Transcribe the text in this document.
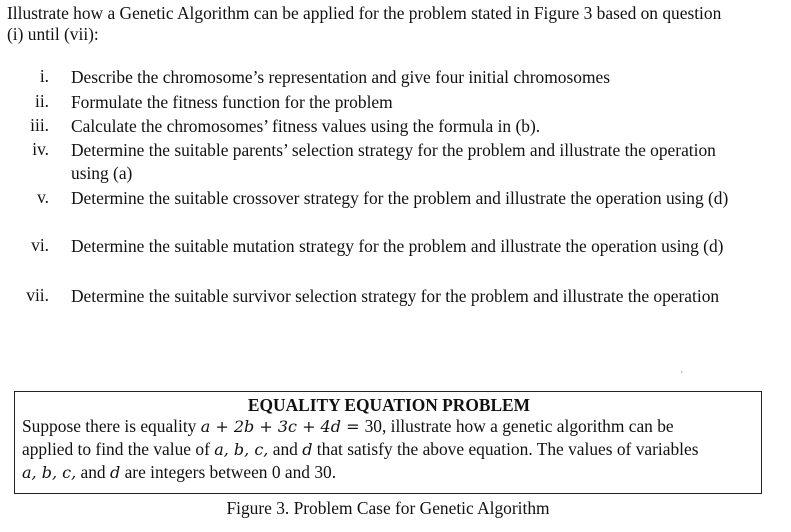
Illustrate how a Genetic Algorithm can be applied for the problem stated in Figure 3 based on question
(i) until (vii):
i. Describe the chromosome’s representation and give four initial chromosomes
ii. Formulate the fitness function for the problem
iii. Calculate the chromosomes’ fitness values using the formula in (b).
iv. Determine the suitable parents’ selection strategy for the problem and illustrate the operation
using (a)
v. Determine the suitable crossover strategy for the problem and illustrate the operation using (d)
vi. Determine the suitable mutation strategy for the problem and illustrate the operation using (d)
vii. Determine the suitable survivor selection strategy for the problem and illustrate the operation
‚
EQUALITY EQUATION PROBLEM
Suppose there is equality a + 2b + 3c + 4d = 30, illustrate how a genetic algorithm can be
applied to find the value of a, b, c, and d that satisfy the above equation. The values of variables
a, b, c, and d are integers between 0 and 30.
Figure 3. Problem Case for Genetic Algorithm
